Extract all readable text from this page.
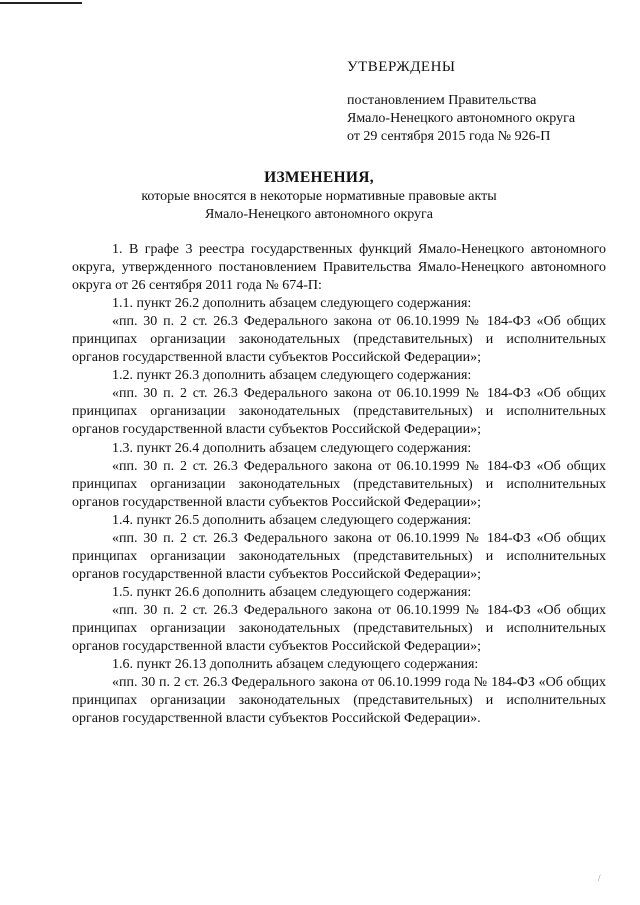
УТВЕРЖДЕНЫ
постановлением Правительства
Ямало-Ненецкого автономного округа
от 29 сентября 2015 года № 926-П
ИЗМЕНЕНИЯ,
которые вносятся в некоторые нормативные правовые акты
Ямало-Ненецкого автономного округа

1. В графе 3 реестра государственных функций Ямало-Ненецкого автономного округа, утвержденного постановлением Правительства Ямало-Ненецкого автономного округа от 26 сентября 2011 года № 674-П:

1.1. пункт 26.2 дополнить абзацем следующего содержания:

«пп. 30 п. 2 ст. 26.3 Федерального закона от 06.10.1999 № 184-ФЗ «Об общих принципах организации законодательных (представительных) и исполнительных органов государственной власти субъектов Российской Федерации»;

1.2. пункт 26.3 дополнить абзацем следующего содержания:

«пп. 30 п. 2 ст. 26.3 Федерального закона от 06.10.1999 № 184-ФЗ «Об общих принципах организации законодательных (представительных) и исполнительных органов государственной власти субъектов Российской Федерации»;

1.3. пункт 26.4 дополнить абзацем следующего содержания:

«пп. 30 п. 2 ст. 26.3 Федерального закона от 06.10.1999 № 184-ФЗ «Об общих принципах организации законодательных (представительных) и исполнительных органов государственной власти субъектов Российской Федерации»;

1.4. пункт 26.5 дополнить абзацем следующего содержания:

«пп. 30 п. 2 ст. 26.3 Федерального закона от 06.10.1999 № 184-ФЗ «Об общих принципах организации законодательных (представительных) и исполнительных органов государственной власти субъектов Российской Федерации»;

1.5. пункт 26.6 дополнить абзацем следующего содержания:

«пп. 30 п. 2 ст. 26.3 Федерального закона от 06.10.1999 № 184-ФЗ «Об общих принципах организации законодательных (представительных) и исполнительных органов государственной власти субъектов Российской Федерации»;

1.6. пункт 26.13 дополнить абзацем следующего содержания:

«пп. 30 п. 2 ст. 26.3 Федерального закона от 06.10.1999 года № 184-ФЗ «Об общих принципах организации законодательных (представительных) и исполнительных органов государственной власти субъектов Российской Федерации».

/
